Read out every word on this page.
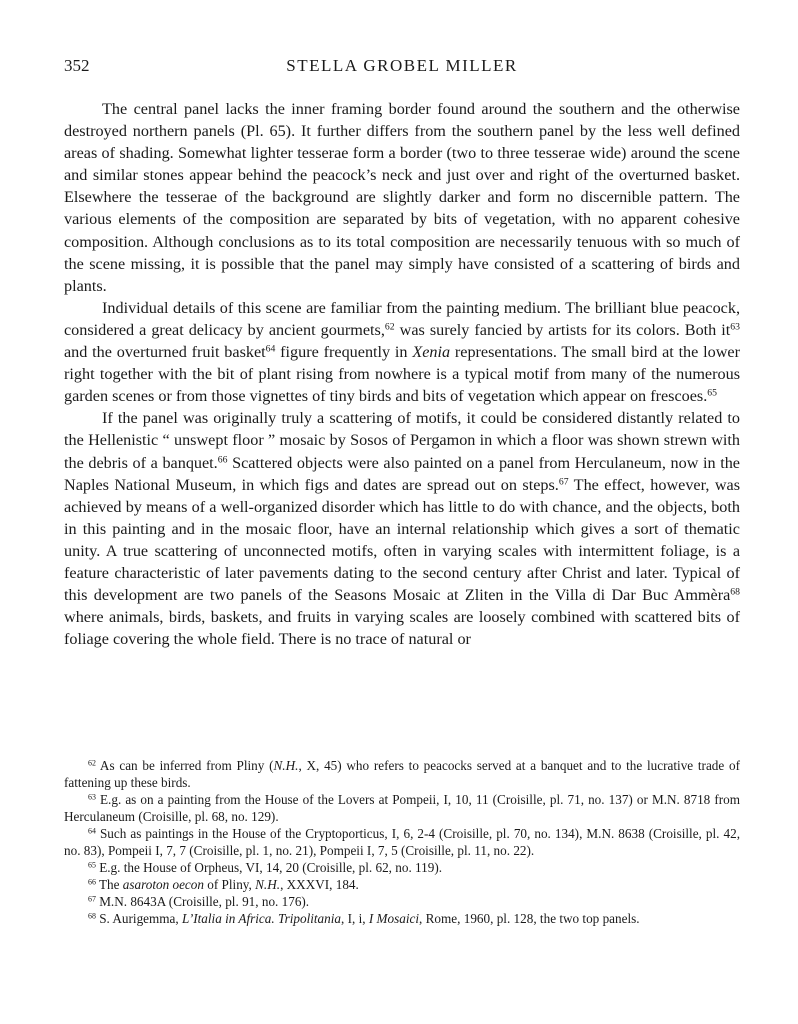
352	STELLA GROBEL MILLER

The central panel lacks the inner framing border found around the southern and the otherwise destroyed northern panels (Pl. 65). It further differs from the southern panel by the less well defined areas of shading. Somewhat lighter tesserae form a border (two to three tesserae wide) around the scene and similar stones appear behind the peacock’s neck and just over and right of the overturned basket. Elsewhere the tesserae of the background are slightly darker and form no discernible pattern. The various elements of the composition are separated by bits of vegetation, with no apparent cohesive composition. Although conclusions as to its total composition are necessarily tenuous with so much of the scene missing, it is possible that the panel may simply have consisted of a scattering of birds and plants.

Individual details of this scene are familiar from the painting medium. The brilliant blue peacock, considered a great delicacy by ancient gourmets,$^{62}$ was surely fancied by artists for its colors. Both $it^{63}$ and the overturned fruit basket$^{64}$ figure frequently in Xenia representations. The small bird at the lower right together with the bit of plant rising from nowhere is a typical motif from many of the numerous garden scenes or from those vignettes of tiny birds and bits of vegetation which appear on frescoes.$^{65}$

If the panel was originally truly a scattering of motifs, it could be considered distantly related to the Hellenistic “ unswept floor ” mosaic by Sosos of Pergamon in which a floor was shown strewn with the debris of a banquet.$^{66}$ Scattered objects were also painted on a panel from Herculaneum, now in the Naples National Museum, in which figs and dates are spread out on steps.$^{67}$ The effect, however, was achieved by means of a well-organized disorder which has little to do with chance, and the objects, both in this painting and in the mosaic floor, have an internal relationship which gives a sort of thematic unity. A true scattering of unconnected motifs, often in varying scales with intermittent foliage, is a feature characteristic of later pavements dating to the second century after Christ and later. Typical of this development are two panels of the Seasons Mosaic at Zliten in the Villa di Dar Buc Ammèra$^{68}$ where animals, birds, baskets, and fruits in varying scales are loosely combined with scattered bits of foliage covering the whole field. There is no trace of natural or

$^{62}$ As can be inferred from Pliny (N.H., X, 45) who refers to peacocks served at a banquet and to the lucrative trade of fattening up these birds.

$^{63}$ E.g. as on a painting from the House of the Lovers at Pompeii, I, 10, 11 (Croisille, pl. 71, no. 137) or M.N. 8718 from Herculaneum (Croisille, pl. 68, no. 129).

$^{64}$ Such as paintings in the House of the Cryptoporticus, I, 6, 2-4 (Croisille, pl. 70, no. 134), M.N. 8638 (Croisille, pl. 42, no. 83), Pompeii I, 7, 7 (Croisille, pl. 1, no. 21), Pompeii I, 7, 5 (Croisille, pl. 11, no. 22).

$^{65}$ E.g. the House of Orpheus, VI, 14, 20 (Croisille, pl. 62, no. 119).

$^{66}$ The asaroton oecon of Pliny, N.H., XXXVI, 184.

$^{67}$ M.N. 8643A (Croisille, pl. 91, no. 176).

$^{68}$ S. Aurigemma, L’Italia in Africa. Tripolitania, I, i, I Mosaici, Rome, 1960, pl. 128, the two top panels.
